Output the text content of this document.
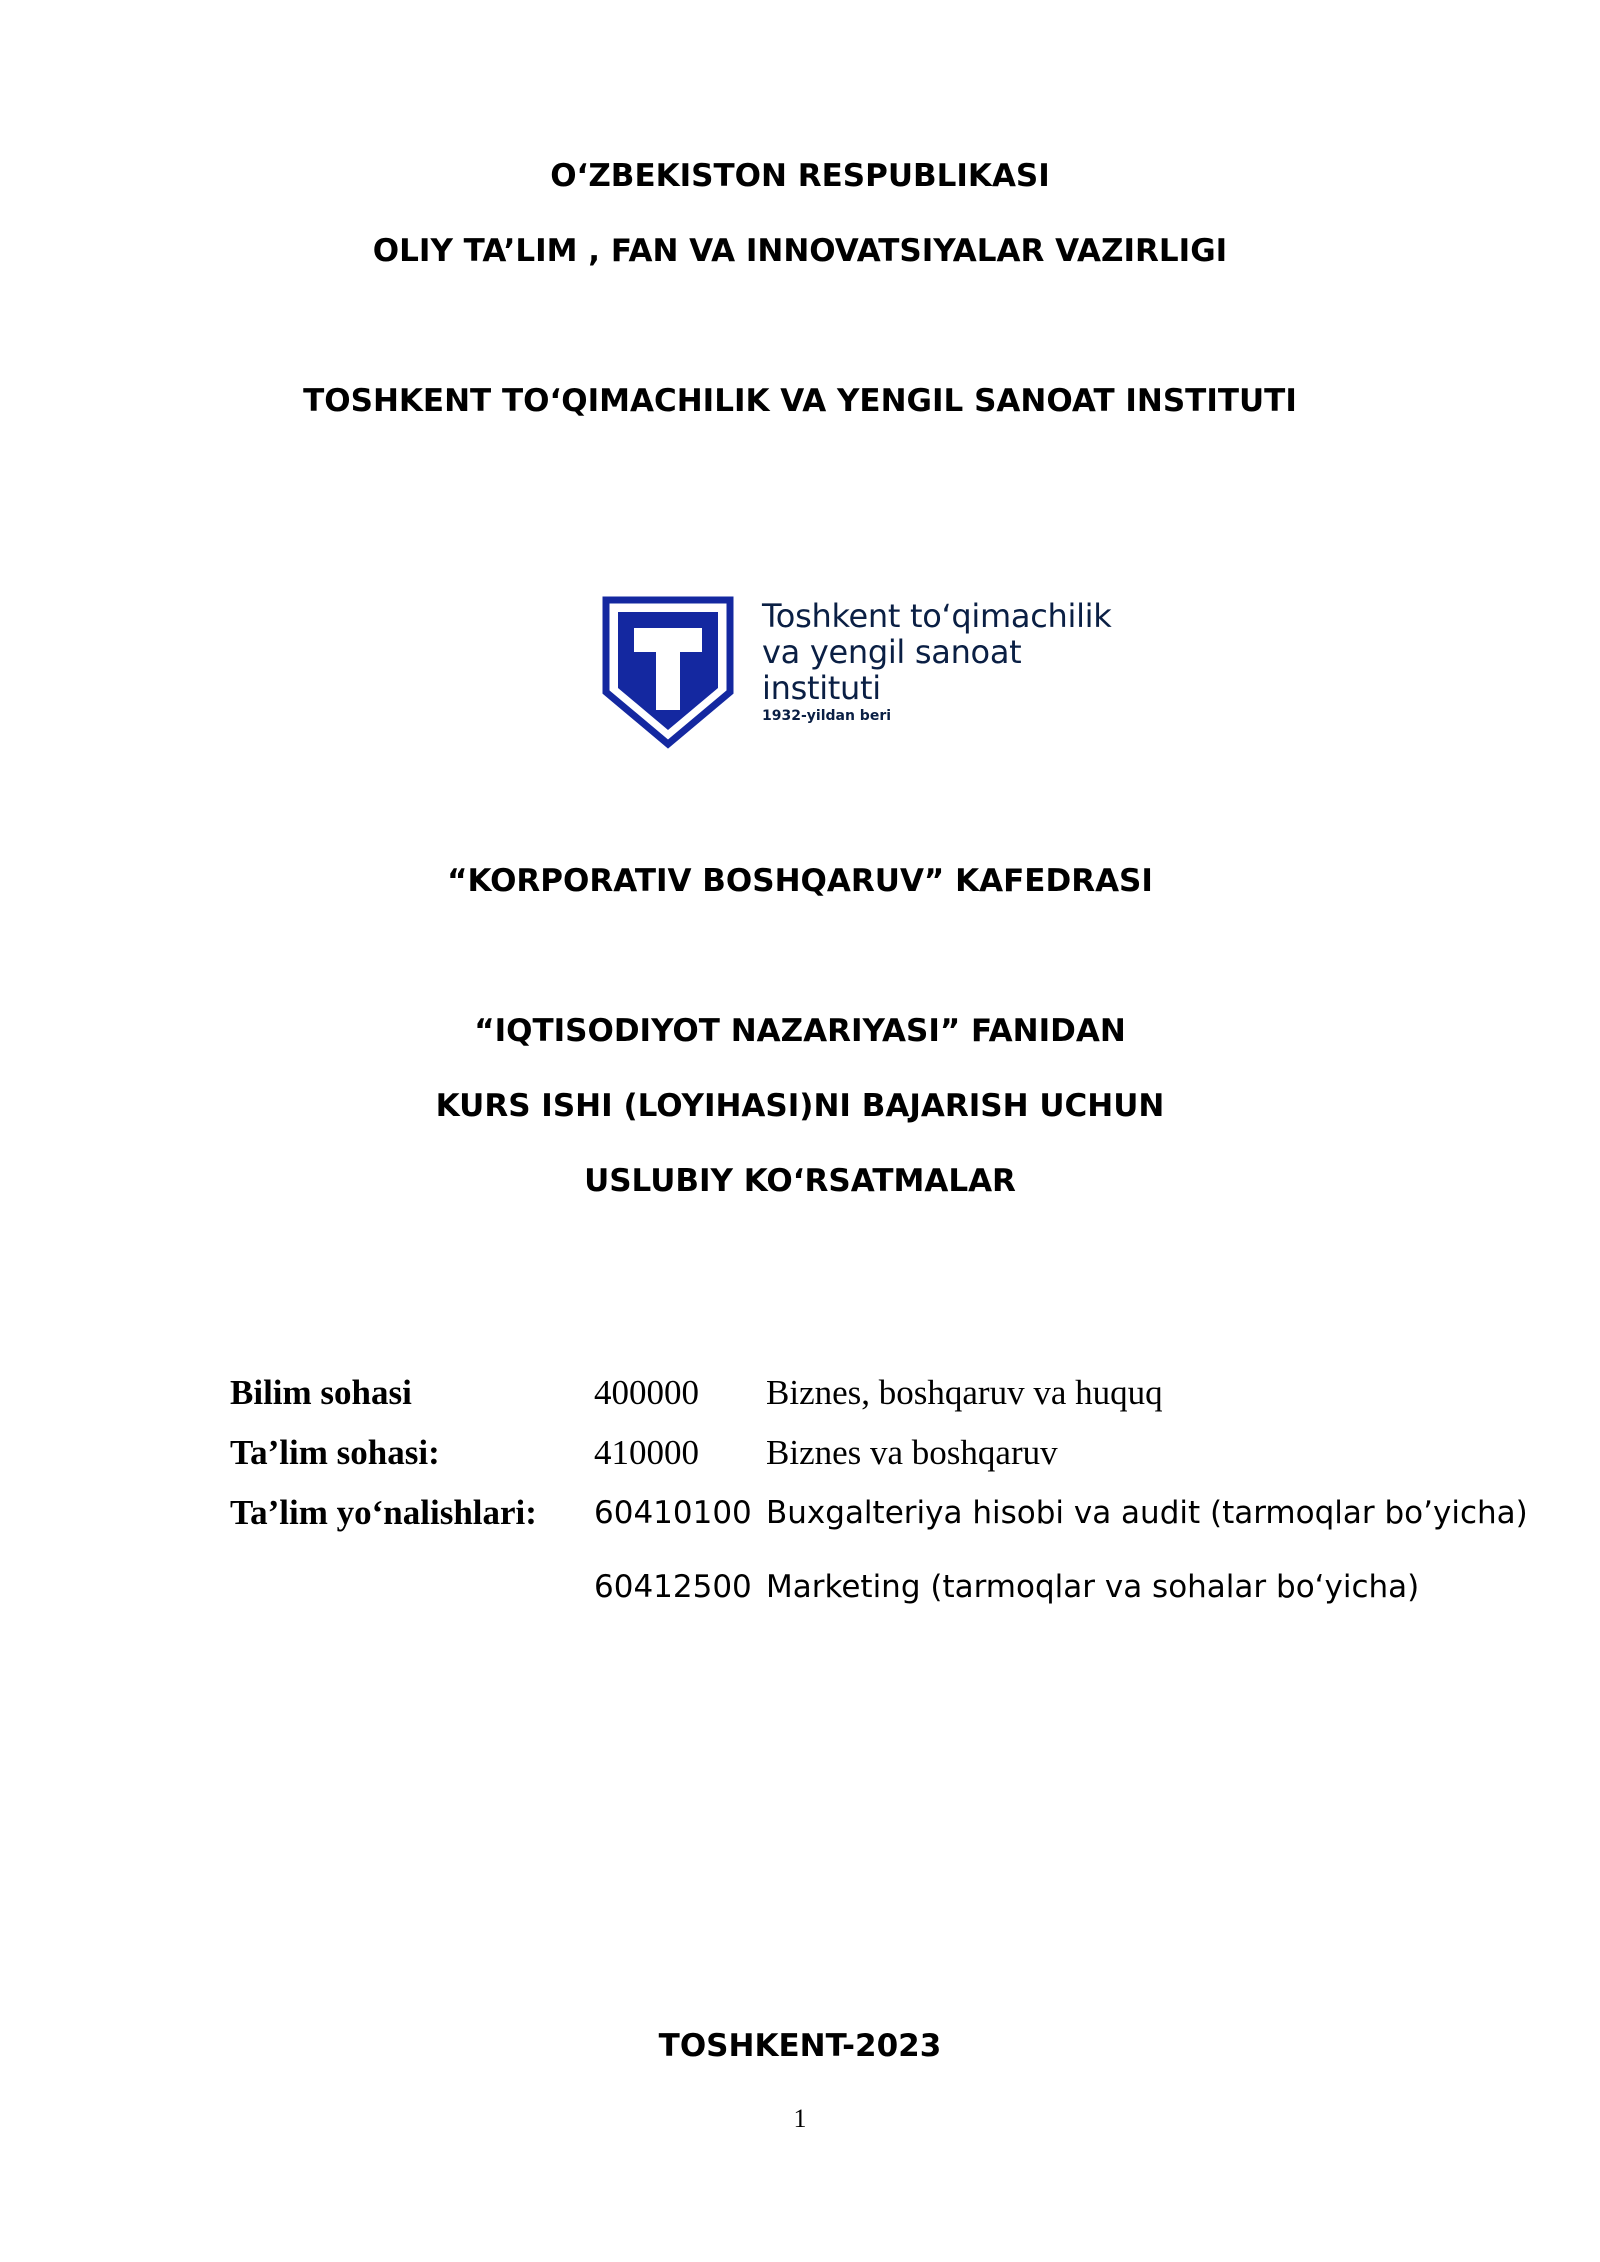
O‘ZBEKISTON RESPUBLIKASI
OLIY TA’LIM , FAN VA INNOVATSIYALAR VAZIRLIGI
TOSHKENT TO‘QIMACHILIK VA YENGIL SANOAT INSTITUTI
Toshkent to‘qimachilik
va yengil sanoat
instituti
1932-yildan beri
“KORPORATIV BOSHQARUV” KAFEDRASI
“IQTISODIYOT NAZARIYASI” FANIDAN
KURS ISHI (LOYIHASI)NI BAJARISH UCHUN
USLUBIY KO‘RSATMALAR
Bilim sohasi	400000 Biznes, boshqaruv va huquq
Ta’lim sohasi:	410000 Biznes va boshqaruv
Ta’lim yo‘nalishlari: 60410100 Buxgalteriya hisobi va audit (tarmoqlar bo’yicha)
60412500 Marketing (tarmoqlar va sohalar bo‘yicha)
TOSHKENT-2023
1
